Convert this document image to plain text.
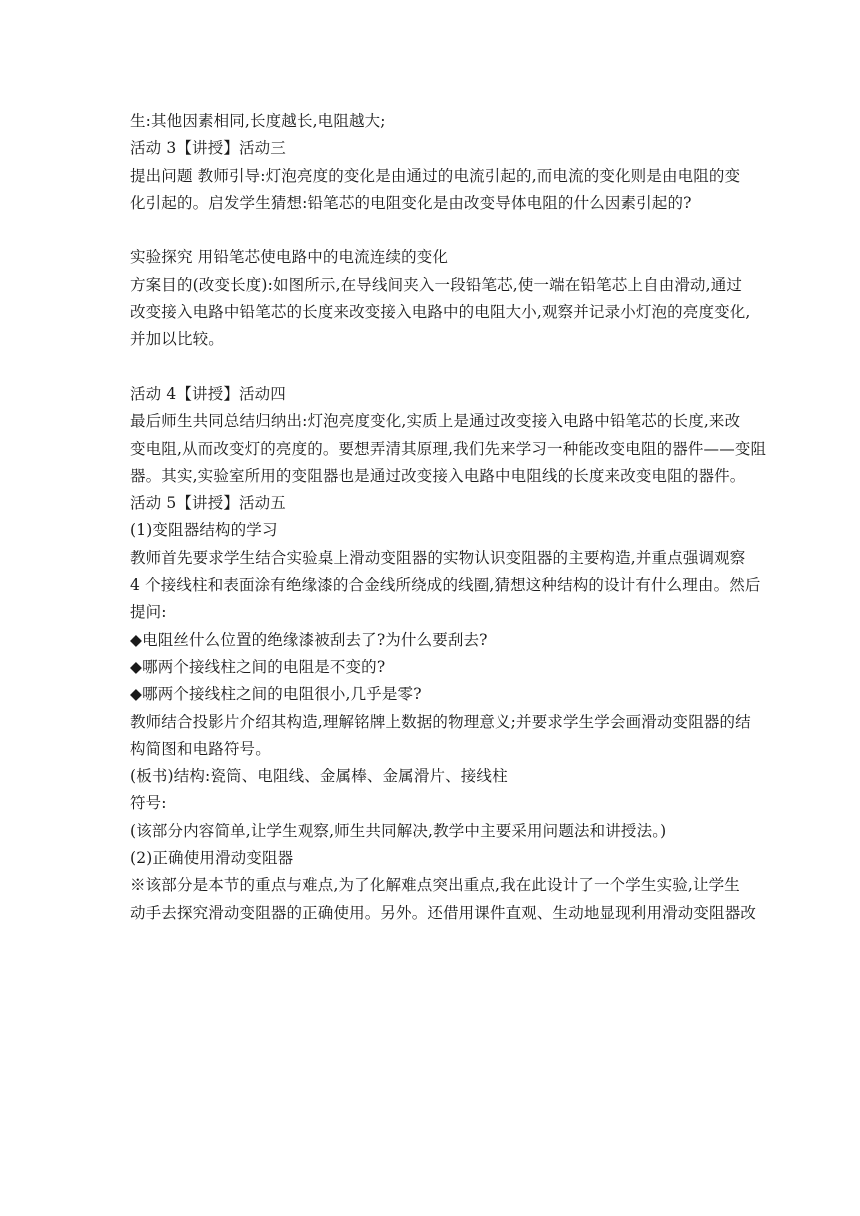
生:其他因素相同,长度越长,电阻越大;
活动 3【讲授】活动三
提出问题 教师引导:灯泡亮度的变化是由通过的电流引起的,而电流的变化则是由电阻的变
化引起的。启发学生猜想:铅笔芯的电阻变化是由改变导体电阻的什么因素引起的?
实验探究 用铅笔芯使电路中的电流连续的变化
方案目的(改变长度):如图所示,在导线间夹入一段铅笔芯,使一端在铅笔芯上自由滑动,通过
改变接入电路中铅笔芯的长度来改变接入电路中的电阻大小,观察并记录小灯泡的亮度变化,
并加以比较。
活动 4【讲授】活动四
最后师生共同总结归纳出:灯泡亮度变化,实质上是通过改变接入电路中铅笔芯的长度,来改
变电阻,从而改变灯的亮度的。要想弄清其原理,我们先来学习一种能改变电阻的器件——变阻
器。其实,实验室所用的变阻器也是通过改变接入电路中电阻线的长度来改变电阻的器件。
活动 5【讲授】活动五
(1)变阻器结构的学习
教师首先要求学生结合实验桌上滑动变阻器的实物认识变阻器的主要构造,并重点强调观察
4 个接线柱和表面涂有绝缘漆的合金线所绕成的线圈,猜想这种结构的设计有什么理由。然后
提问:
◆电阻丝什么位置的绝缘漆被刮去了?为什么要刮去?
◆哪两个接线柱之间的电阻是不变的?
◆哪两个接线柱之间的电阻很小,几乎是零?
教师结合投影片介绍其构造,理解铭牌上数据的物理意义;并要求学生学会画滑动变阻器的结
构简图和电路符号。
(板书)结构:瓷筒、电阻线、金属棒、金属滑片、接线柱
符号:
(该部分内容简单,让学生观察,师生共同解决,教学中主要采用问题法和讲授法。)
(2)正确使用滑动变阻器
※该部分是本节的重点与难点,为了化解难点突出重点,我在此设计了一个学生实验,让学生
动手去探究滑动变阻器的正确使用。另外。还借用课件直观、生动地显现利用滑动变阻器改
